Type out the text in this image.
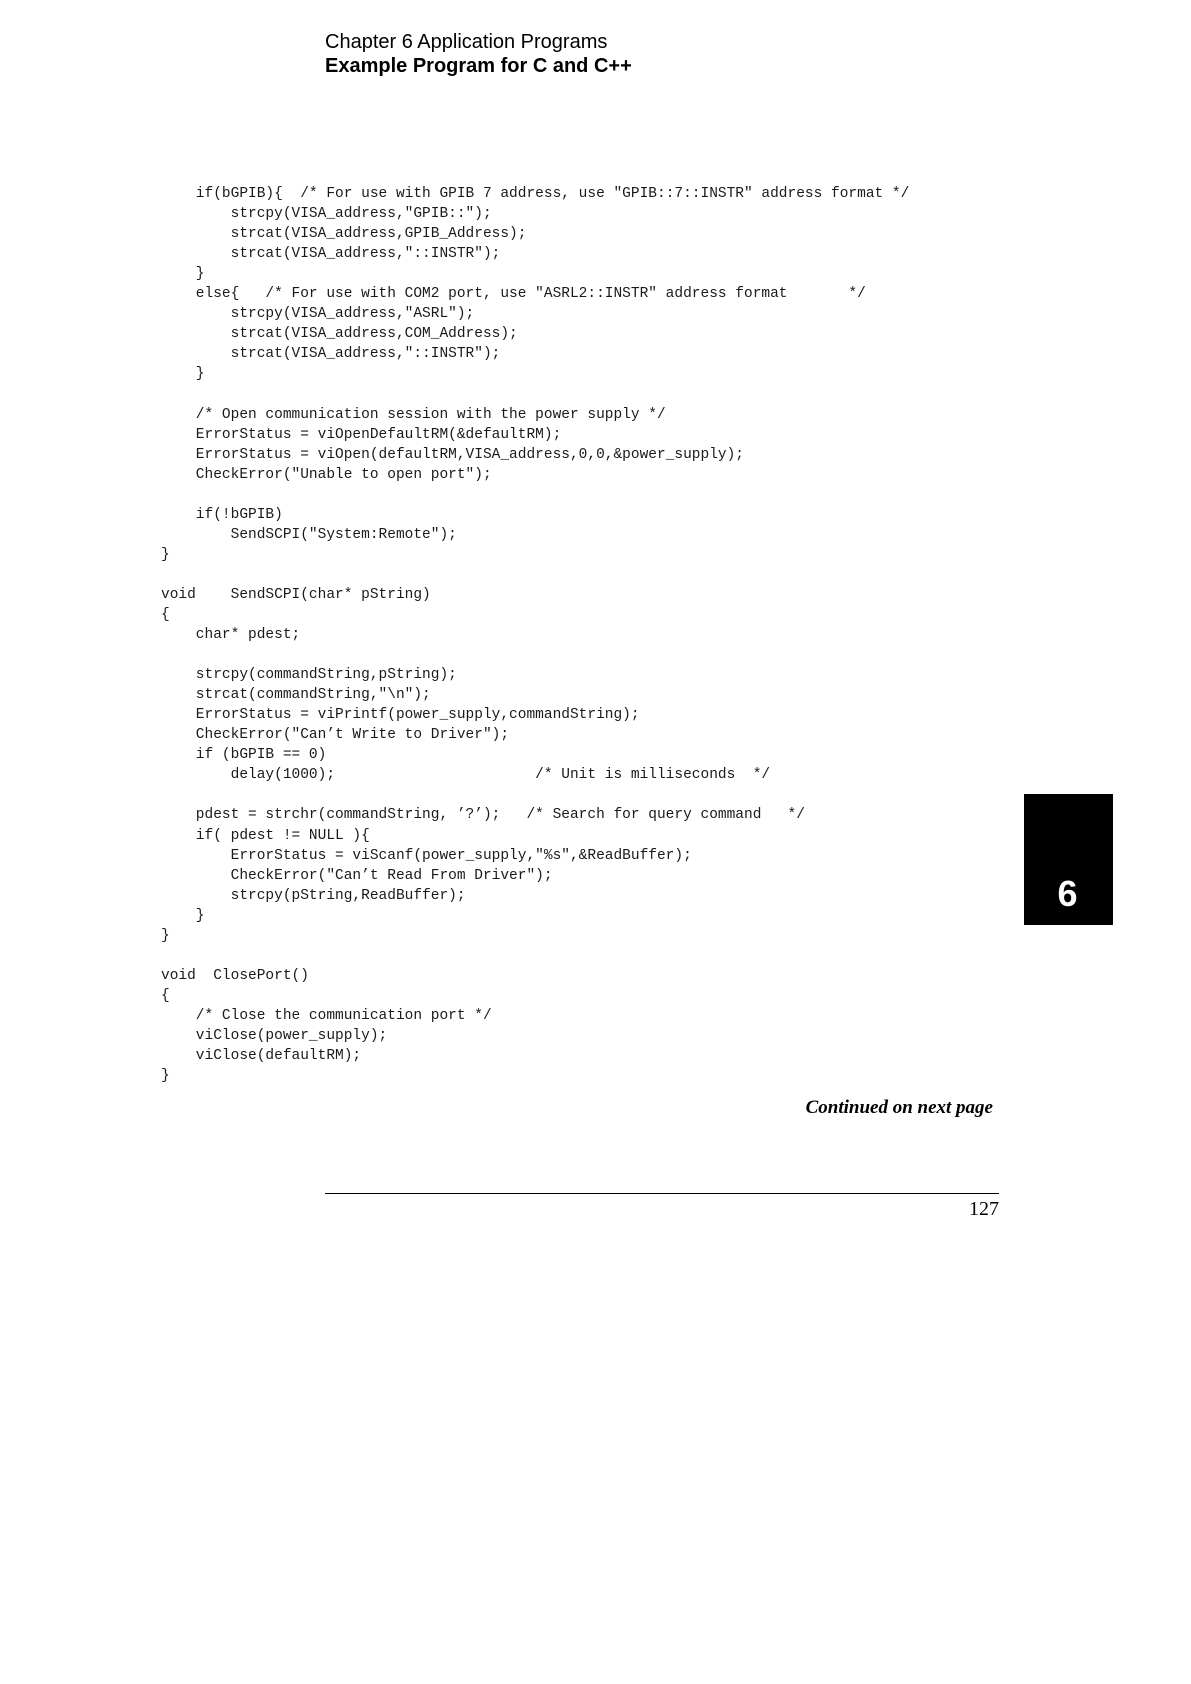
Chapter 6 Application Programs
Example Program for C and C++
if(bGPIB){  /* For use with GPIB 7 address, use "GPIB::7::INSTR" address format */
strcpy(VISA_address,"GPIB::");
strcat(VISA_address,GPIB_Address);
strcat(VISA_address,"::INSTR");
}
else{   /* For use with COM2 port, use "ASRL2::INSTR" address format       */
strcpy(VISA_address,"ASRL");
strcat(VISA_address,COM_Address);
strcat(VISA_address,"::INSTR");
}

/* Open communication session with the power supply */
ErrorStatus = viOpenDefaultRM(&defaultRM);
ErrorStatus = viOpen(defaultRM,VISA_address,0,0,&power_supply);
CheckError("Unable to open port");

if(!bGPIB)
SendSCPI("System:Remote");
}

void    SendSCPI(char* pString)
{
char* pdest;

strcpy(commandString,pString);
strcat(commandString,"\n");
ErrorStatus = viPrintf(power_supply,commandString);
CheckError("Can’t Write to Driver");
if (bGPIB == 0)
delay(1000);                       /* Unit is milliseconds  */

pdest = strchr(commandString, ’?’);   /* Search for query command   */
if( pdest != NULL ){
ErrorStatus = viScanf(power_supply,"%s",&ReadBuffer);
CheckError("Can’t Read From Driver");
strcpy(pString,ReadBuffer);
}
}

void  ClosePort()
{
/* Close the communication port */
viClose(power_supply);
viClose(defaultRM);
}
Continued on next page
127
6
